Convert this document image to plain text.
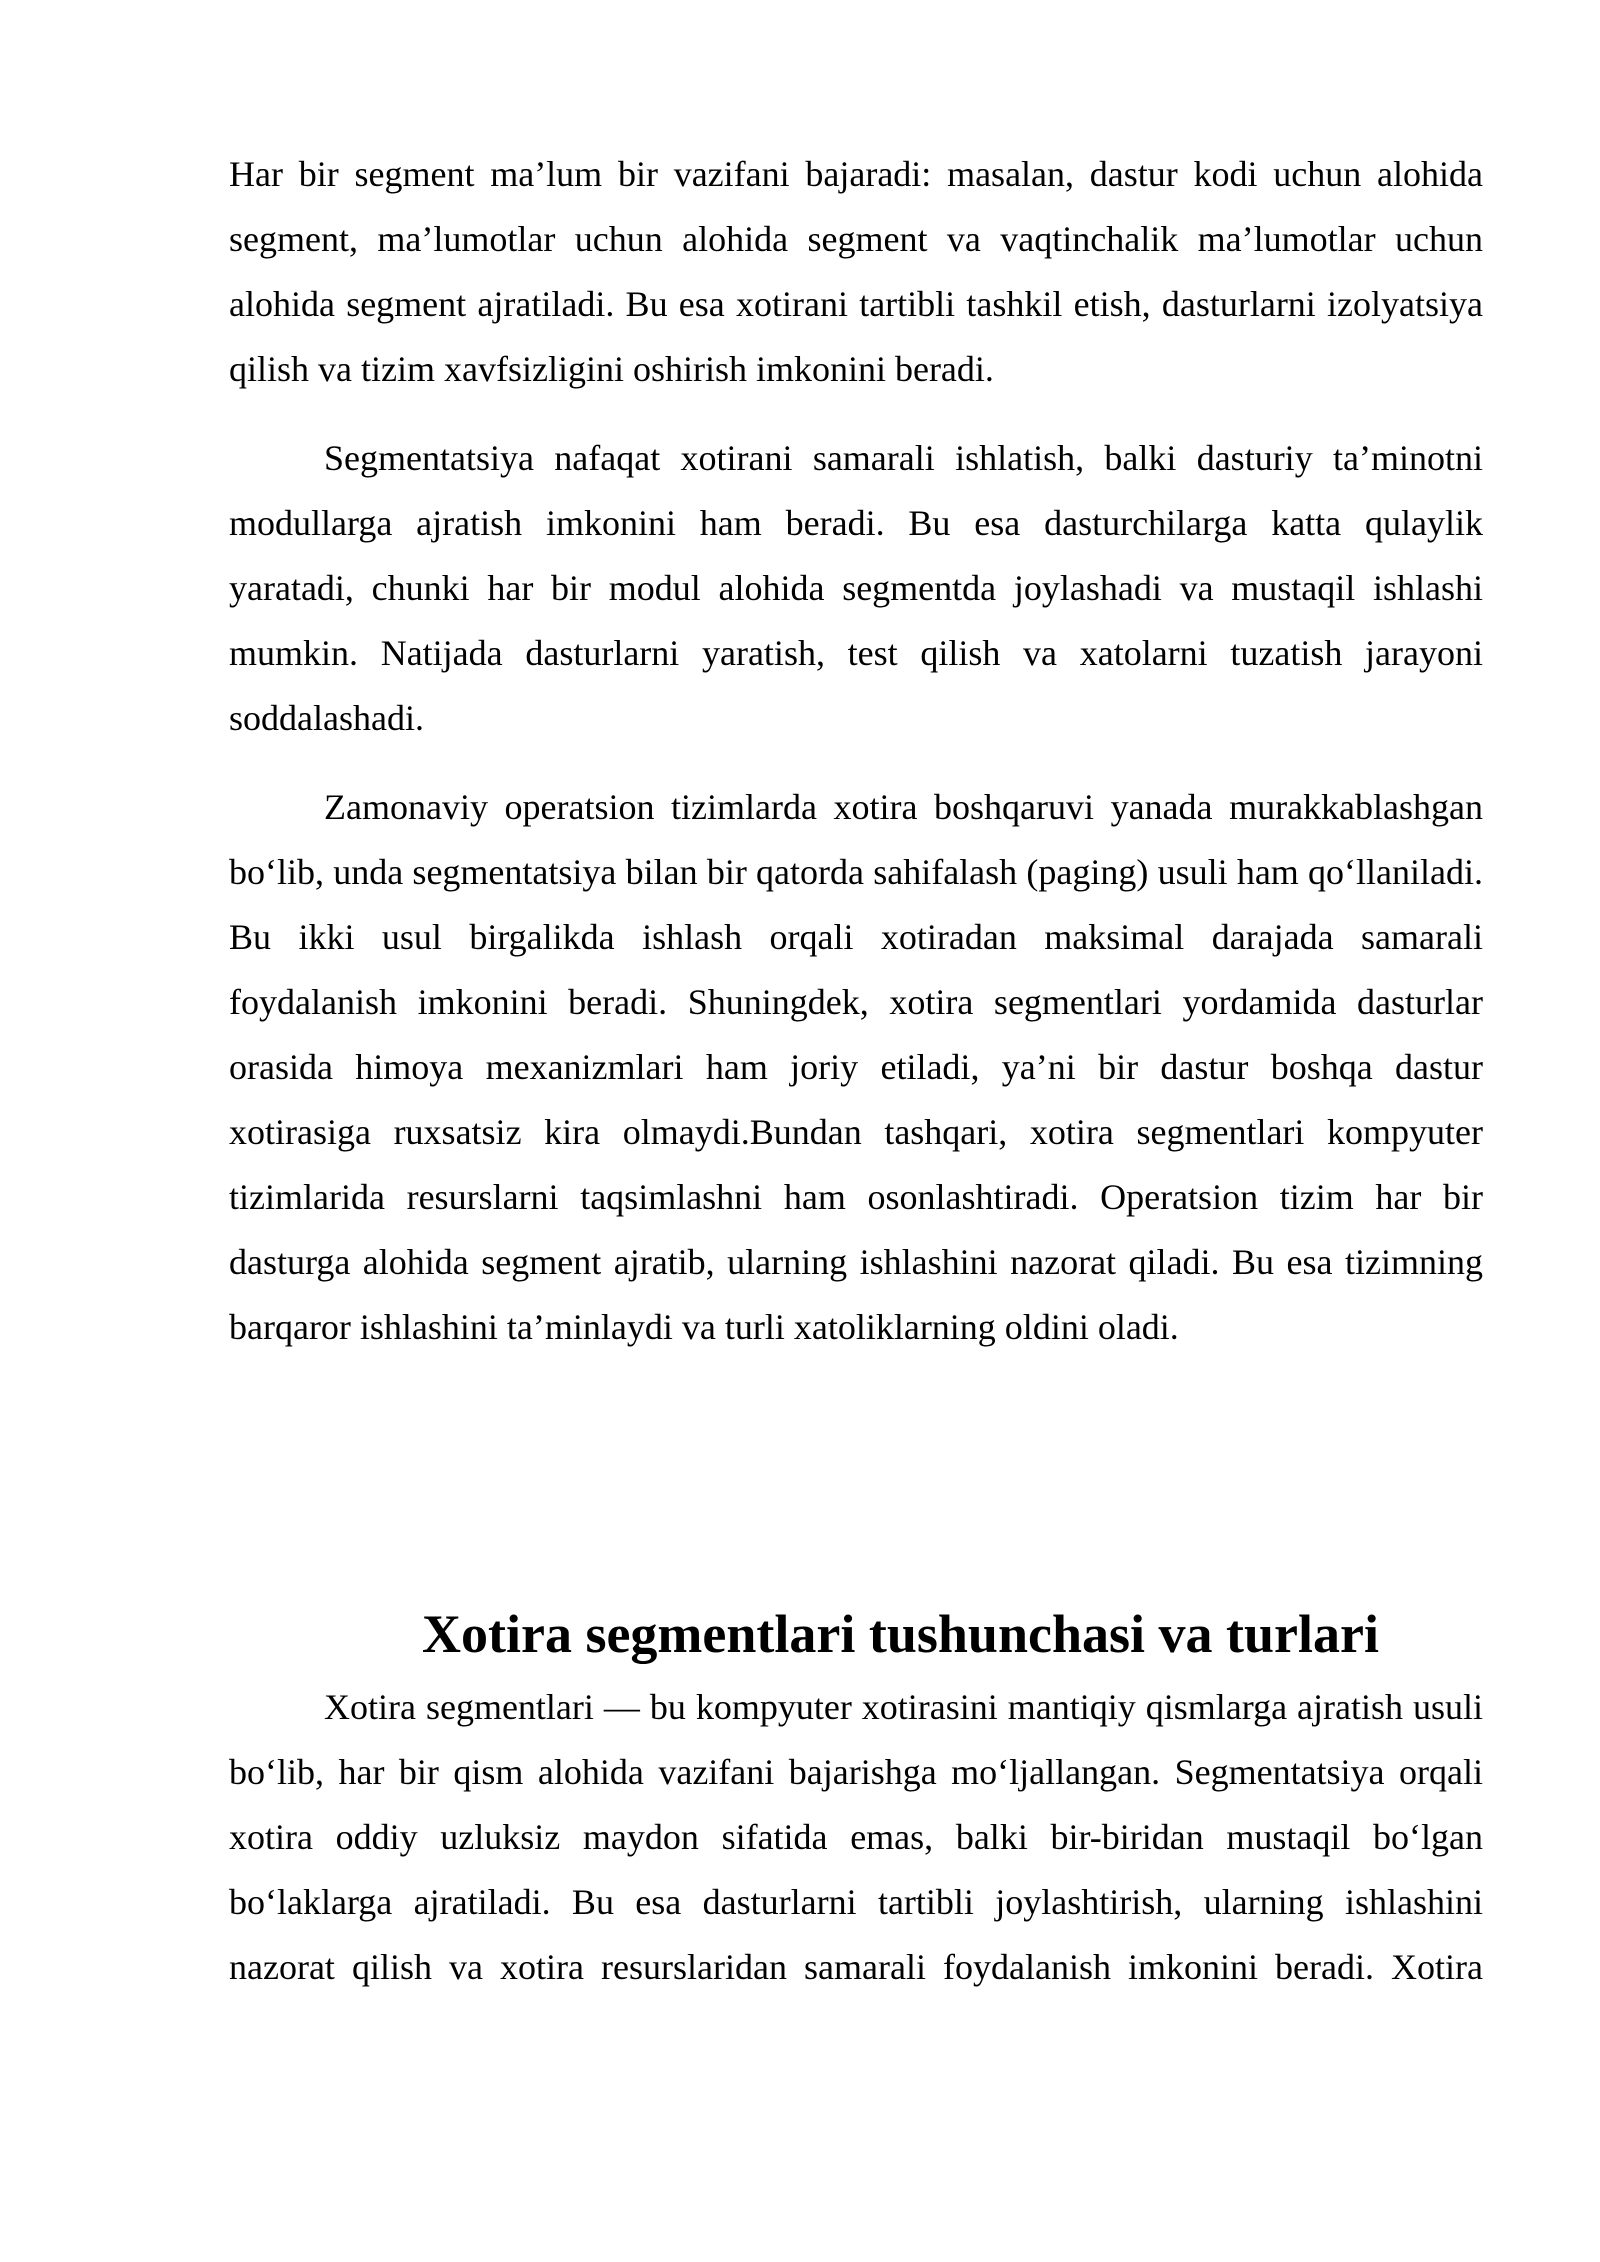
Har bir segment ma’lum bir vazifani bajaradi: masalan, dastur kodi uchun alohida segment, ma’lumotlar uchun alohida segment va vaqtinchalik ma’lumotlar uchun alohida segment ajratiladi. Bu esa xotirani tartibli tashkil etish, dasturlarni izolyatsiya qilish va tizim xavfsizligini oshirish imkonini beradi.

Segmentatsiya nafaqat xotirani samarali ishlatish, balki dasturiy ta’minotni modullarga ajratish imkonini ham beradi. Bu esa dasturchilarga katta qulaylik yaratadi, chunki har bir modul alohida segmentda joylashadi va mustaqil ishlashi mumkin. Natijada dasturlarni yaratish, test qilish va xatolarni tuzatish jarayoni soddalashadi.

Zamonaviy operatsion tizimlarda xotira boshqaruvi yanada murakkablashgan bo‘lib, unda segmentatsiya bilan bir qatorda sahifalash (paging) usuli ham qo‘llaniladi. Bu ikki usul birgalikda ishlash orqali xotiradan maksimal darajada samarali foydalanish imkonini beradi. Shuningdek, xotira segmentlari yordamida dasturlar orasida himoya mexanizmlari ham joriy etiladi, ya’ni bir dastur boshqa dastur xotirasiga ruxsatsiz kira olmaydi.Bundan tashqari, xotira segmentlari kompyuter tizimlarida resurslarni taqsimlashni ham osonlashtiradi. Operatsion tizim har bir dasturga alohida segment ajratib, ularning ishlashini nazorat qiladi. Bu esa tizimning barqaror ishlashini ta’minlaydi va turli xatoliklarning oldini oladi.

Xotira segmentlari tushunchasi va turlari

Xotira segmentlari — bu kompyuter xotirasini mantiqiy qismlarga ajratish usuli bo‘lib, har bir qism alohida vazifani bajarishga mo‘ljallangan. Segmentatsiya orqali xotira oddiy uzluksiz maydon sifatida emas, balki bir-biridan mustaqil bo‘lgan bo‘laklarga ajratiladi. Bu esa dasturlarni tartibli joylashtirish, ularning ishlashini nazorat qilish va xotira resurslaridan samarali foydalanish imkonini beradi. Xotira
